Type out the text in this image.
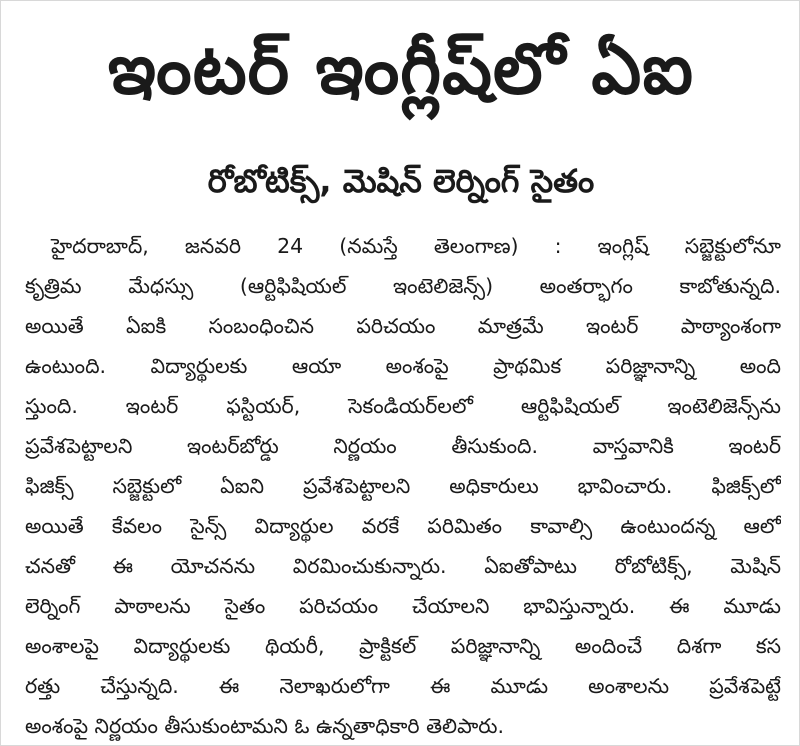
ఇంటర్ ఇంగ్లీష్‌లో ఏఐ
రోబోటిక్స్, మెషిన్ లెర్నింగ్ సైతం
హైదరాబాద్, జనవరి 24 (నమస్తే తెలంగాణ) : ఇంగ్లిష్ సబ్జెక్టులోనూ
కృత్రిమ మేధస్సు (ఆర్టిఫిషియల్ ఇంటెలిజెన్స్) అంతర్భాగం కాబోతున్నది.
అయితే ఏఐకి సంబంధించిన పరిచయం మాత్రమే ఇంటర్ పాఠ్యాంశంగా
ఉంటుంది. విద్యార్థులకు ఆయా అంశంపై ప్రాథమిక పరిజ్ఞానాన్ని అంది
స్తుంది. ఇంటర్ ఫస్టియర్, సెకండియర్‌లలో ఆర్టిఫిషియల్ ఇంటెలిజెన్స్‌ను
ప్రవేశపెట్టాలని ఇంటర్‌బోర్డు నిర్ణయం తీసుకుంది. వాస్తవానికి ఇంటర్
ఫిజిక్స్ సబ్జెక్టులో ఏఐని ప్రవేశపెట్టాలని అధికారులు భావించారు. ఫిజిక్స్‌లో
అయితే కేవలం సైన్స్ విద్యార్థుల వరకే పరిమితం కావాల్సి ఉంటుందన్న ఆలో
చనతో ఈ యోచనను విరమించుకున్నారు. ఏఐతోపాటు రోబోటిక్స్, మెషిన్
లెర్నింగ్ పాఠాలను సైతం పరిచయం చేయాలని భావిస్తున్నారు. ఈ మూడు
అంశాలపై విద్యార్థులకు థియరీ, ప్రాక్టికల్ పరిజ్ఞానాన్ని అందించే దిశగా కస
రత్తు చేస్తున్నది. ఈ నెలాఖరులోగా ఈ మూడు అంశాలను ప్రవేశపెట్టే
అంశంపై నిర్ణయం తీసుకుంటామని ఓ ఉన్నతాధికారి తెలిపారు.
